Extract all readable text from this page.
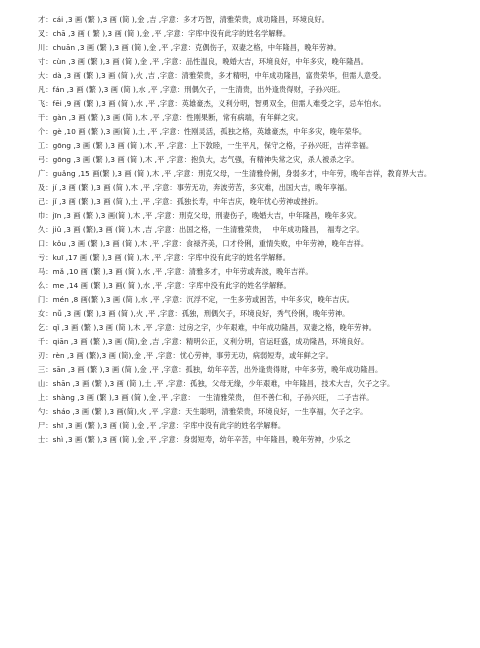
才：cái ,3 画 (繁 ),3 画 (简 ),金 ,吉 ,字意：多才巧智，清雅荣贵，成功隆昌，环境良好。

叉：chā ,3 画 ( 繁 ),3 画 (简 ),金 ,平 ,字意：字库中没有此字的姓名学解释。

川：chuān ,3 画 (繁 ),3 画 (简 ),金 ,平 ,字意：克偶伤子，双妻之格，中年隆昌，晚年劳神。

寸：cùn ,3 画 (繁 ),3 画 (简 ),金 ,平 ,字意：品性温良，晚婚大吉，环境良好，中年多灾，晚年隆昌。

大：dà ,3 画 (繁 ),3 画 (简 ),火 ,吉 ,字意：清雅荣贵，多才精明，中年成功隆昌，富贵荣华，但需人意受。

凡：fán ,3 画 (繁 ),3 画 (简 ),水 ,平 ,字意：刑偶欠子，一生清贵，出外逢贵得财，子孙兴旺。

飞：fēi ,9 画 (繁 ),3 画 (简 ),水 ,平 ,字意：英雄豪杰，义利分明，智勇双全，但需人难受之字，忌车怕水。

干：gàn ,3 画 (繁 ),3 画 (简 ),木 ,平 ,字意：性刚果断，常有病端，有年鲜之灾。

个：gè ,10 画 (繁 ),3 画(简 ),土 ,平 ,字意：性刚灵活，孤独之格，英雄豪杰，中年多灾，晚年荣华。

工：gōng ,3 画 (繁 ),3 画 (简 ),木 ,平 ,字意：上下敦睦，一生平凡，保守之格，子孙兴旺，吉祥幸福。

弓：gōng ,3 画 (繁 ),3 画 (简 ),木 ,平 ,字意：抱负大，志气强，有精神失常之灾，杀人被杀之字。

广：guǎng ,15 画(繁 ),3 画 (简 ),木 ,平 ,字意：刑克父母，一生清雅伶俐，身弱多才，中年劳，晚年吉祥，教育界大吉。

及：jí ,3 画 (繁 ),3 画 (简 ),木 ,平 ,字意：事劳无功，奔波劳苦，多灾难，出国大吉，晚年享福。

己：jǐ ,3 画 (繁 ),3 画 (简 ),土 ,平 ,字意：孤独长寿，中年吉庆，晚年忧心劳神或挫折。

巾：jīn ,3 画 (繁 ),3 画(简 ),木 ,平 ,字意：刑克父母，刑妻伤子，晚婚大吉，中年隆昌，晚年多灾。

久：jiǔ ,3 画 (繁),3 画 (简 ),木 ,吉 ,字意：出国之格，一生清雅荣贵，　 中年成功隆昌，　福寿之字。

口：kǒu ,3 画 (繁 ),3 画 (简 ),木 ,平 ,字意：食禄齐美，口才伶俐，重情失败，中年劳神，晚年吉祥。

亏：kuī ,17 画 (繁 ),3 画 (简 ),木 ,平 ,字意：字库中没有此字的姓名学解释。

马：mǎ ,10 画 (繁 ),3 画 (简 ),水 ,平 ,字意：清雅多才，中年劳或奔波，晚年吉祥。

么：me ,14 画 (繁 ),3 画( 简 ),水 ,平 ,字意：字库中没有此字的姓名学解释。

门：mén ,8 画(繁 ),3 画 (简 ),水 ,平 ,字意：沉浮不定，一生多劳或困苦，中年多灾，晚年吉庆。

女：nǚ ,3 画 (繁 ),3 画 (简 ),火 ,平 ,字意：孤独，刑偶欠子，环境良好，秀气伶俐，晚年劳神。

乞：qǐ ,3 画 (繁 ),3 画 (简 ),木 ,平 ,字意：过房之字，少年艰难，中年成功隆昌，双妻之格，晚年劳神。

千：qiān ,3 画 (繁 ),3 画 (简),金 ,吉 ,字意：精明公正，义利分明，官运旺盛，成功隆昌，环境良好。

刃：rèn ,3 画 (繁),3 画 (简),金 ,平 ,字意：忧心劳神，事劳无功，病弱短寿，或年鲜之字。

三：sān ,3 画 (繁 ),3 画 (简 ),金 ,平 ,字意：孤独，幼年辛苦，出外逢贵得财，中年多劳，晚年成功隆昌。

山：shān ,3 画 (繁 ),3 画 (简 ),土 ,平 ,字意：孤独，父母无缘，少年艰难，中年隆昌，技术大吉，欠子之字。

上：shàng ,3 画 (繁 ),3 画 (简 ),金 ,平 ,字意：　一生清雅荣贵，　但不善仁和，子孙兴旺，　二子吉祥。

勺：sháo ,3 画 (繁 ),3 画(简),火 ,平 ,字意：天生聪明，清雅荣贵，环境良好，一生享福，欠子之字。

尸：shī ,3 画 (繁 ),3 画 (简 ),金 ,平 ,字意：字库中没有此字的姓名学解释。

士：shì ,3 画 (繁 ),3 画 (简 ),金 ,平 ,字意：身弱短寿，幼年辛苦，中年隆昌，晚年劳神，少乐之
